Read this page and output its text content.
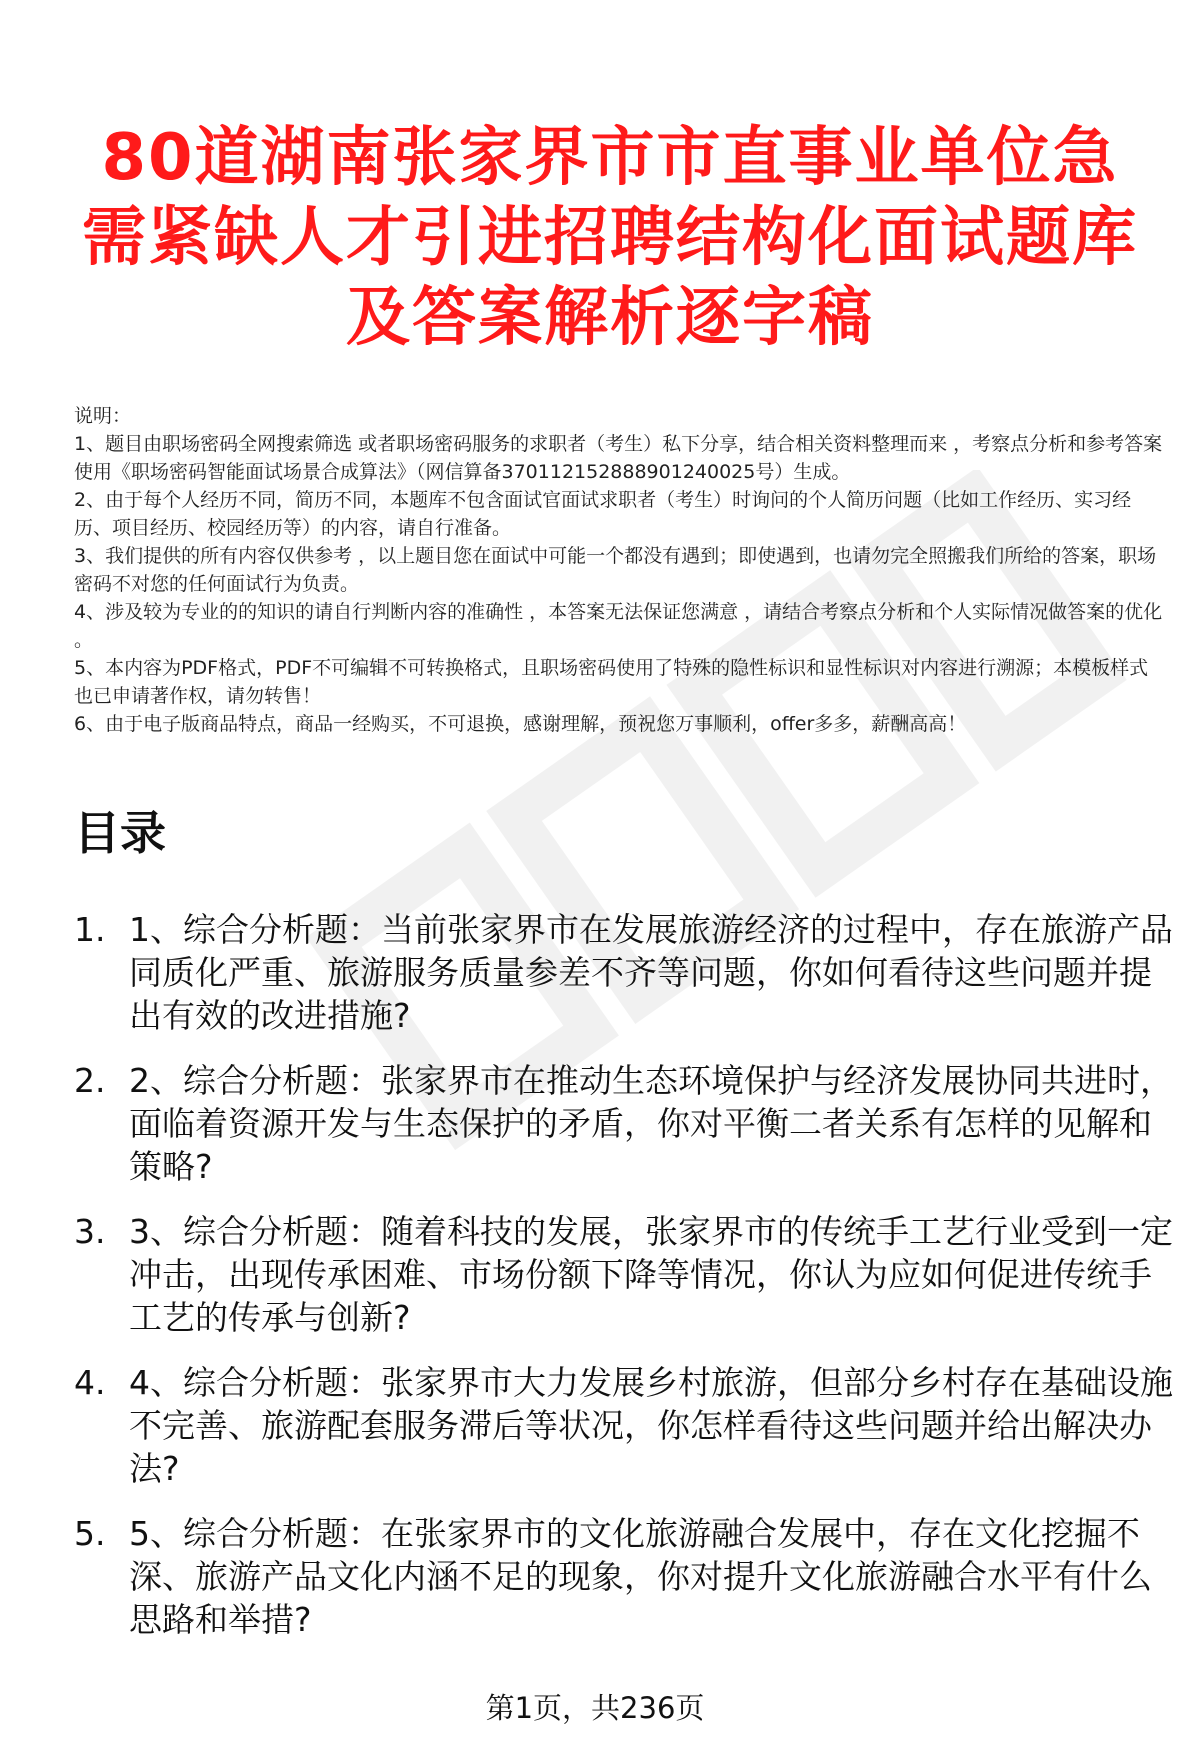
80道湖南张家界市市直事业单位急需紧缺人才引进招聘结构化面试题库及答案解析逐字稿

说明：

1、题目由职场密码全网搜索筛选 或者职场密码服务的求职者（考生）私下分享，结合相关资料整理而来 ，考察点分析和参考答案使用《职场密码智能面试场景合成算法》（网信算备370112152888901240025号）生成。

2、由于每个人经历不同，简历不同，本题库不包含面试官面试求职者（考生）时询问的个人简历问题（比如工作经历、实习经历、项目经历、校园经历等）的内容，请自行准备。

3、我们提供的所有内容仅供参考 ，以上题目您在面试中可能一个都没有遇到；即使遇到，也请勿完全照搬我们所给的答案，职场密码不对您的任何面试行为负责。

4、涉及较为专业的的知识的请自行判断内容的准确性 ，本答案无法保证您满意 ，请结合考察点分析和个人实际情况做答案的优化 。

5、本内容为PDF格式，PDF不可编辑不可转换格式，且职场密码使用了特殊的隐性标识和显性标识对内容进行溯源；本模板样式也已申请著作权，请勿转售！

6、由于电子版商品特点，商品一经购买，不可退换，感谢理解，预祝您万事顺利，offer多多，薪酬高高！

目录
1. 1、综合分析题：当前张家界市在发展旅游经济的过程中，存在旅游产品同质化严重、旅游服务质量参差不齐等问题，你如何看待这些问题并提出有效的改进措施?
2. 2、综合分析题：张家界市在推动生态环境保护与经济发展协同共进时，面临着资源开发与生态保护的矛盾，你对平衡二者关系有怎样的见解和策略?
3. 3、综合分析题：随着科技的发展，张家界市的传统手工艺行业受到一定冲击，出现传承困难、市场份额下降等情况，你认为应如何促进传统手工艺的传承与创新?
4. 4、综合分析题：张家界市大力发展乡村旅游，但部分乡村存在基础设施不完善、旅游配套服务滞后等状况，你怎样看待这些问题并给出解决办法?
5. 5、综合分析题：在张家界市的文化旅游融合发展中，存在文化挖掘不深、旅游产品文化内涵不足的现象，你对提升文化旅游融合水平有什么思路和举措?
第1页，共236页
